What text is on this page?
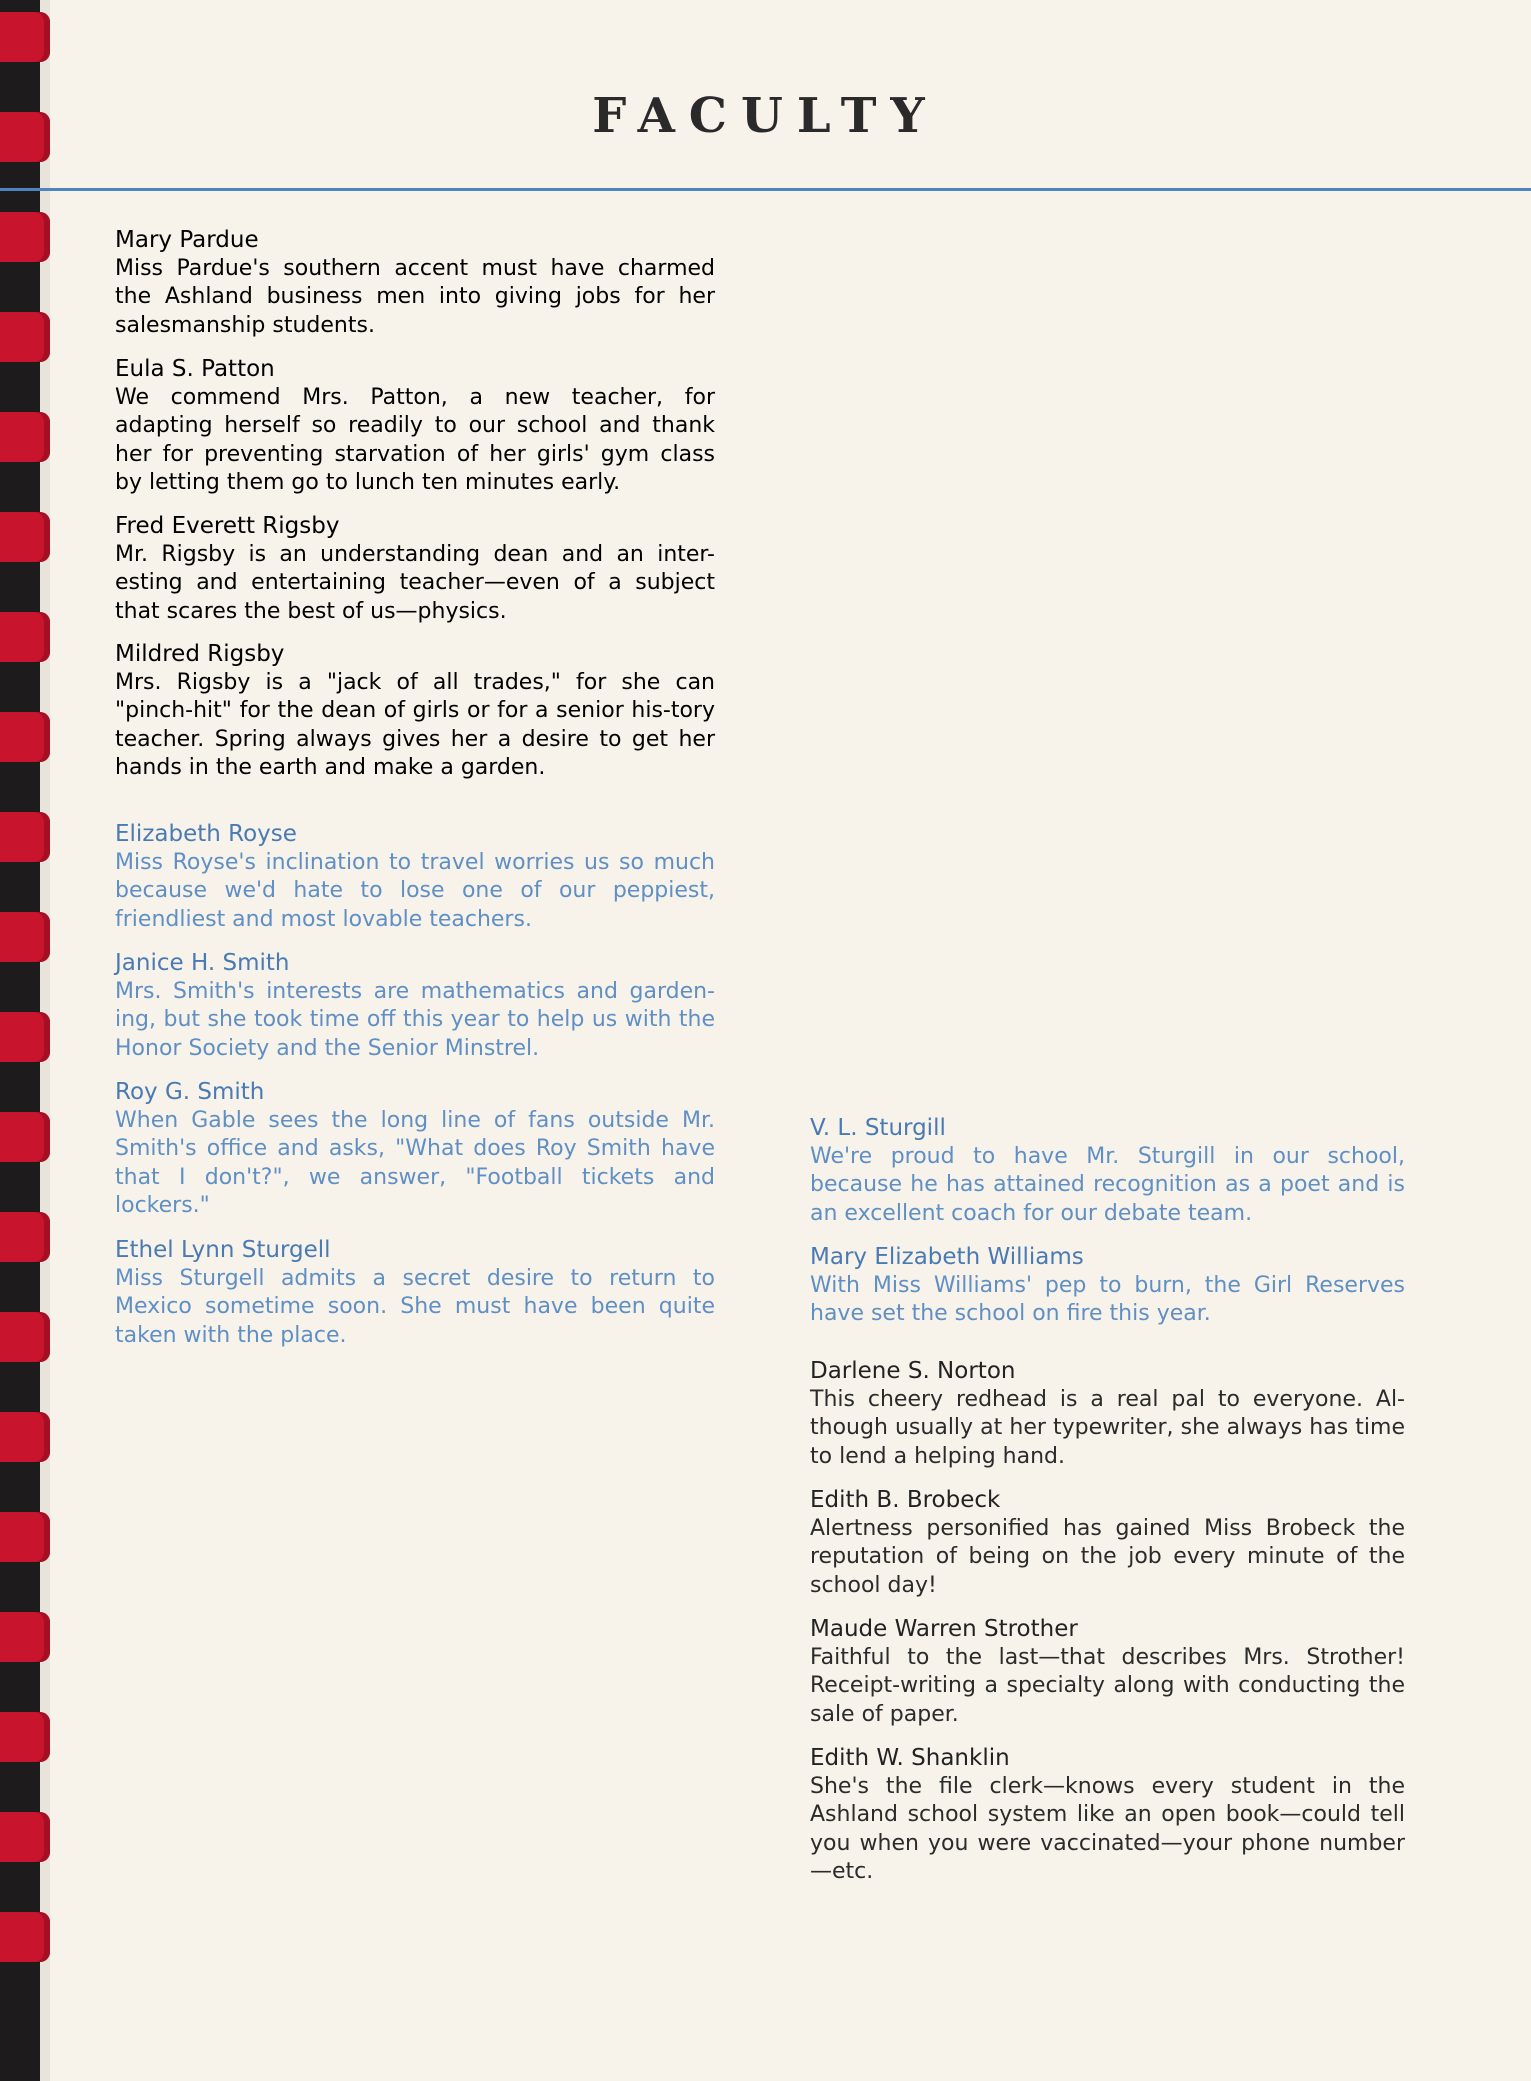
FACULTY

Mary Pardue

Miss Pardue's southern accent must have charmed the Ashland business men into giving jobs for her salesmanship students.

Eula S. Patton

We commend Mrs. Patton, a new teacher, for adapting herself so readily to our school and thank her for preventing starvation of her girls' gym class by letting them go to lunch ten minutes early.

Fred Everett Rigsby

Mr. Rigsby is an understanding dean and an inter-esting and entertaining teacher—even of a subject that scares the best of us—physics.

Mildred Rigsby

Mrs. Rigsby is a "jack of all trades," for she can "pinch-hit" for the dean of girls or for a senior his-tory teacher. Spring always gives her a desire to get her hands in the earth and make a garden.

Elizabeth Royse

Miss Royse's inclination to travel worries us so much because we'd hate to lose one of our peppiest, friendliest and most lovable teachers.

Janice H. Smith

Mrs. Smith's interests are mathematics and garden-ing, but she took time off this year to help us with the Honor Society and the Senior Minstrel.

Roy G. Smith

When Gable sees the long line of fans outside Mr. Smith's office and asks, "What does Roy Smith have that I don't?", we answer, "Football tickets and lockers."

Ethel Lynn Sturgell

Miss Sturgell admits a secret desire to return to Mexico sometime soon. She must have been quite taken with the place.

V. L. Sturgill

We're proud to have Mr. Sturgill in our school, because he has attained recognition as a poet and is an excellent coach for our debate team.

Mary Elizabeth Williams

With Miss Williams' pep to burn, the Girl Reserves have set the school on fire this year.

Darlene S. Norton

This cheery redhead is a real pal to everyone. Al-though usually at her typewriter, she always has time to lend a helping hand.

Edith B. Brobeck

Alertness personified has gained Miss Brobeck the reputation of being on the job every minute of the school day!

Maude Warren Strother

Faithful to the last—that describes Mrs. Strother! Receipt-writing a specialty along with conducting the sale of paper.

Edith W. Shanklin

She's the file clerk—knows every student in the Ashland school system like an open book—could tell you when you were vaccinated—your phone number—etc.
